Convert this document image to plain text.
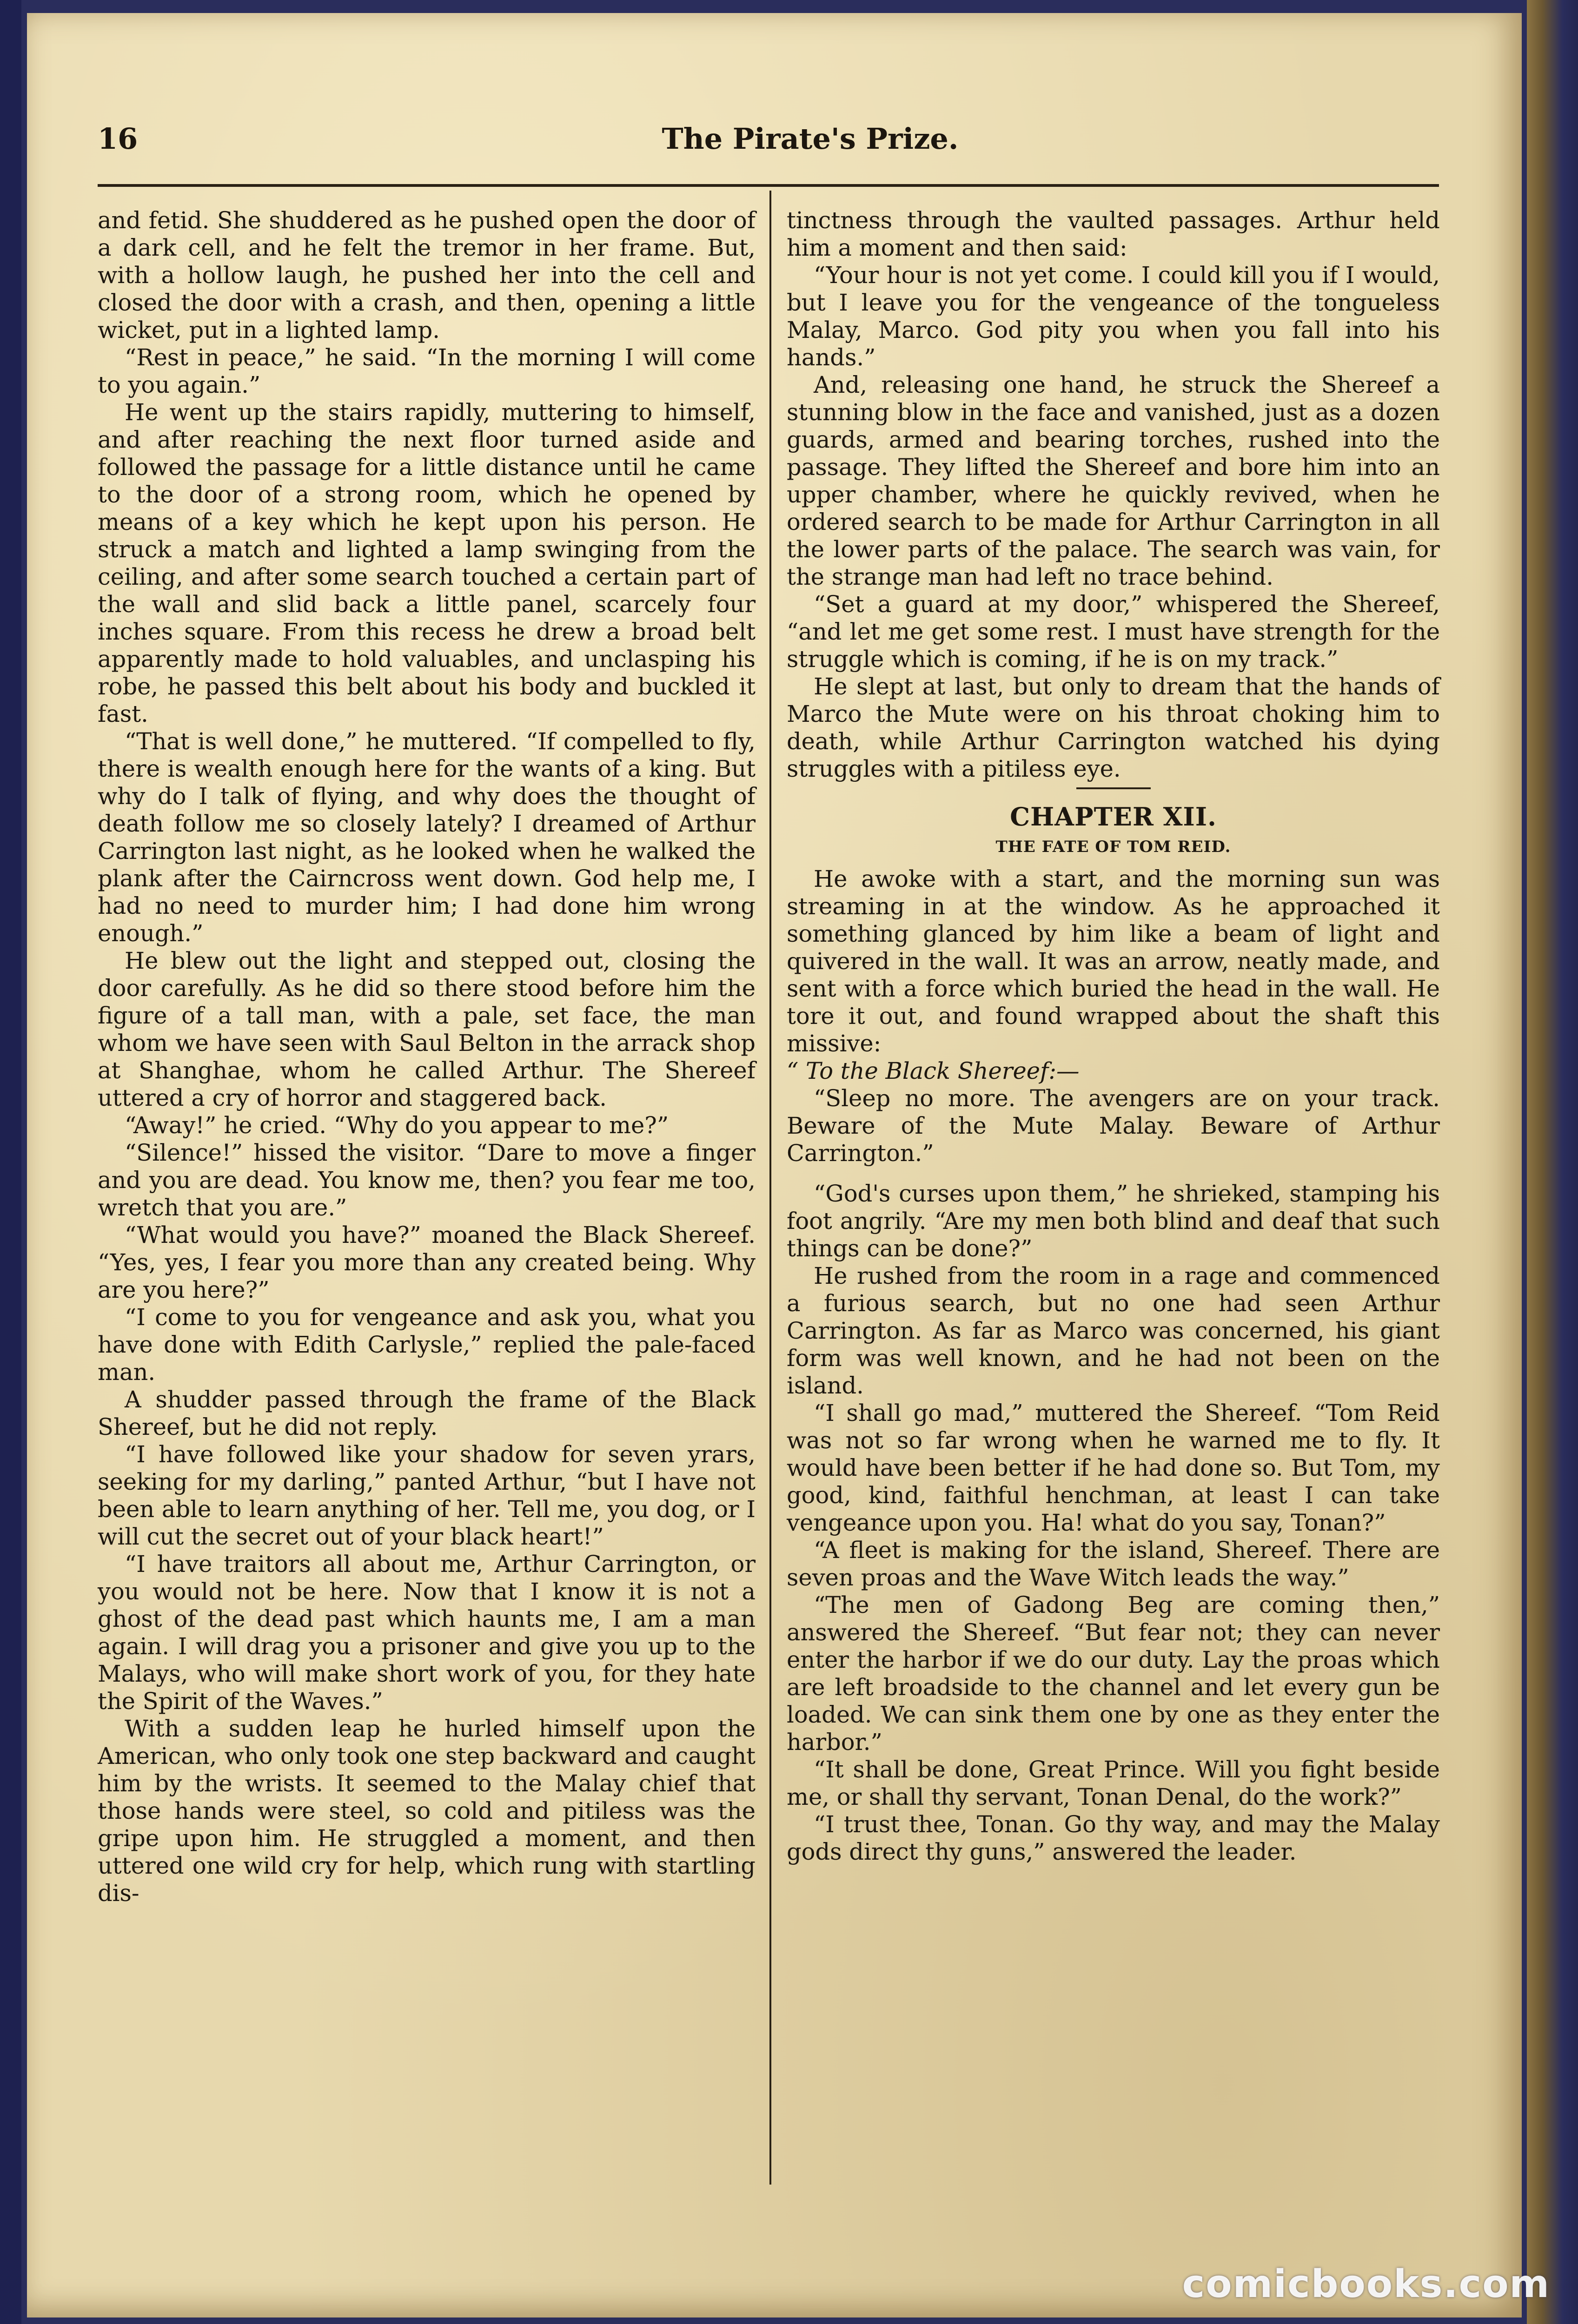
16	The Pirate's Prize.

and fetid. She shuddered as he pushed open the door of a dark cell, and he felt the tremor in her frame. But, with a hollow laugh, he pushed her into the cell and closed the door with a crash, and then, opening a little wicket, put in a lighted lamp.

“Rest in peace,” he said. “In the morning I will come to you again.”

He went up the stairs rapidly, muttering to himself, and after reaching the next floor turned aside and followed the passage for a little distance until he came to the door of a strong room, which he opened by means of a key which he kept upon his person. He struck a match and lighted a lamp swinging from the ceiling, and after some search touched a certain part of the wall and slid back a little panel, scarcely four inches square. From this recess he drew a broad belt apparently made to hold valuables, and unclasping his robe, he passed this belt about his body and buckled it fast.

“That is well done,” he muttered. “If compelled to fly, there is wealth enough here for the wants of a king. But why do I talk of flying, and why does the thought of death follow me so closely lately? I dreamed of Arthur Carrington last night, as he looked when he walked the plank after the Cairncross went down. God help me, I had no need to murder him; I had done him wrong enough.”

He blew out the light and stepped out, closing the door carefully. As he did so there stood before him the figure of a tall man, with a pale, set face, the man whom we have seen with Saul Belton in the arrack shop at Shanghae, whom he called Arthur. The Shereef uttered a cry of horror and staggered back.

“Away!” he cried. “Why do you appear to me?”

“Silence!” hissed the visitor. “Dare to move a finger and you are dead. You know me, then? you fear me too, wretch that you are.”

“What would you have?” moaned the Black Shereef. “Yes, yes, I fear you more than any created being. Why are you here?”

“I come to you for vengeance and ask you, what you have done with Edith Carlysle,” replied the pale-faced man.

A shudder passed through the frame of the Black Shereef, but he did not reply.

“I have followed like your shadow for seven yrars, seeking for my darling,” panted Arthur, “but I have not been able to learn anything of her. Tell me, you dog, or I will cut the secret out of your black heart!”

“I have traitors all about me, Arthur Carrington, or you would not be here. Now that I know it is not a ghost of the dead past which haunts me, I am a man again. I will drag you a prisoner and give you up to the Malays, who will make short work of you, for they hate the Spirit of the Waves.”

With a sudden leap he hurled himself upon the American, who only took one step backward and caught him by the wrists. It seemed to the Malay chief that those hands were steel, so cold and pitiless was the gripe upon him. He struggled a moment, and then uttered one wild cry for help, which rung with startling dis-

tinctness through the vaulted passages. Arthur held him a moment and then said:

“Your hour is not yet come. I could kill you if I would, but I leave you for the vengeance of the tongueless Malay, Marco. God pity you when you fall into his hands.”

And, releasing one hand, he struck the Shereef a stunning blow in the face and vanished, just as a dozen guards, armed and bearing torches, rushed into the passage. They lifted the Shereef and bore him into an upper chamber, where he quickly revived, when he ordered search to be made for Arthur Carrington in all the lower parts of the palace. The search was vain, for the strange man had left no trace behind.

“Set a guard at my door,” whispered the Shereef, “and let me get some rest. I must have strength for the struggle which is coming, if he is on my track.”

He slept at last, but only to dream that the hands of Marco the Mute were on his throat choking him to death, while Arthur Carrington watched his dying struggles with a pitiless eye.

CHAPTER XII.
THE FATE OF TOM REID.

He awoke with a start, and the morning sun was streaming in at the window. As he approached it something glanced by him like a beam of light and quivered in the wall. It was an arrow, neatly made, and sent with a force which buried the head in the wall. He tore it out, and found wrapped about the shaft this missive:

“ To the Black Shereef:—

“Sleep no more. The avengers are on your track. Beware of the Mute Malay. Beware of Arthur Carrington.”

“God's curses upon them,” he shrieked, stamping his foot angrily. “Are my men both blind and deaf that such things can be done?”

He rushed from the room in a rage and commenced a furious search, but no one had seen Arthur Carrington. As far as Marco was concerned, his giant form was well known, and he had not been on the island.

“I shall go mad,” muttered the Shereef. “Tom Reid was not so far wrong when he warned me to fly. It would have been better if he had done so. But Tom, my good, kind, faithful henchman, at least I can take vengeance upon you. Ha! what do you say, Tonan?”

“A fleet is making for the island, Shereef. There are seven proas and the Wave Witch leads the way.”

“The men of Gadong Beg are coming then,” answered the Shereef. “But fear not; they can never enter the harbor if we do our duty. Lay the proas which are left broadside to the channel and let every gun be loaded. We can sink them one by one as they enter the harbor.”

“It shall be done, Great Prince. Will you fight beside me, or shall thy servant, Tonan Denal, do the work?”

“I trust thee, Tonan. Go thy way, and may the Malay gods direct thy guns,” answered the leader.

comicbooks.com
